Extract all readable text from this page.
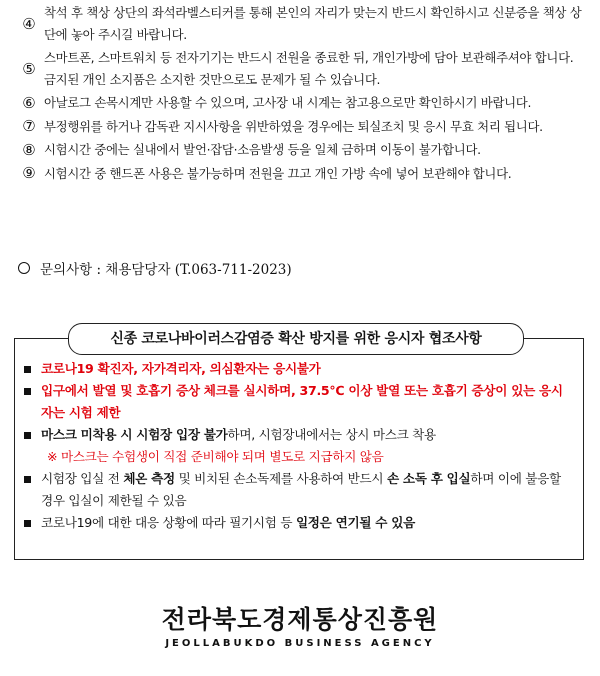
④
착석 후 책상 상단의 좌석라벨스티커를 통해 본인의 자리가 맞는지 반드시 확인하시고 신분증을 책상 상단에 놓아 주시길 바랍니다.
⑤
스마트폰, 스마트워치 등 전자기기는 반드시 전원을 종료한 뒤, 개인가방에 담아 보관해주셔야 합니다. 금지된 개인 소지품은 소지한 것만으로도 문제가 될 수 있습니다.
⑥ 아날로그 손목시계만 사용할 수 있으며, 고사장 내 시계는 참고용으로만 확인하시기 바랍니다.
⑦ 부정행위를 하거나 감독관 지시사항을 위반하였을 경우에는 퇴실조치 및 응시 무효 처리 됩니다.
⑧ 시험시간 중에는 실내에서 발언·잡담·소음발생 등을 일체 금하며 이동이 불가합니다.
⑨ 시험시간 중 핸드폰 사용은 불가능하며 전원을 끄고 개인 가방 속에 넣어 보관해야 합니다.
문의사항 : 채용담당자 (T.063-711-2023)
신종 코로나바이러스감염증 확산 방지를 위한 응시자 협조사항
코로나19 확진자, 자가격리자, 의심환자는 응시불가
입구에서 발열 및 호흡기 증상 체크를 실시하며, 37.5℃ 이상 발열 또는 호흡기 증상이 있는 응시자는 시험 제한
마스크 미착용 시 시험장 입장 불가하며, 시험장내에서는 상시 마스크 착용
※ 마스크는 수험생이 직접 준비해야 되며 별도로 지급하지 않음
시험장 입실 전 체온 측정 및 비치된 손소독제를 사용하여 반드시 손 소독 후 입실하며 이에 불응할 경우 입실이 제한될 수 있음
코로나19에 대한 대응 상황에 따라 필기시험 등 일정은 연기될 수 있음
전라북도경제통상진흥원
JEOLLABUKDO BUSINESS AGENCY
